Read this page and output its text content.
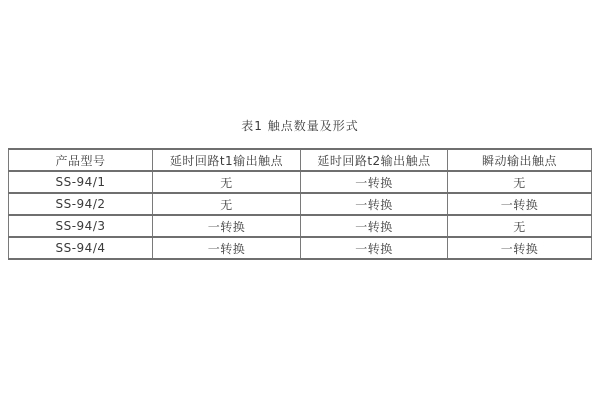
表1 触点数量及形式
产品型号	延时回路t1输出触点	延时回路t2输出触点	瞬动输出触点
SS-94/1	无	一转换	无
SS-94/2	无	一转换	一转换
SS-94/3	一转换	一转换	无
SS-94/4	一转换	一转换	一转换
